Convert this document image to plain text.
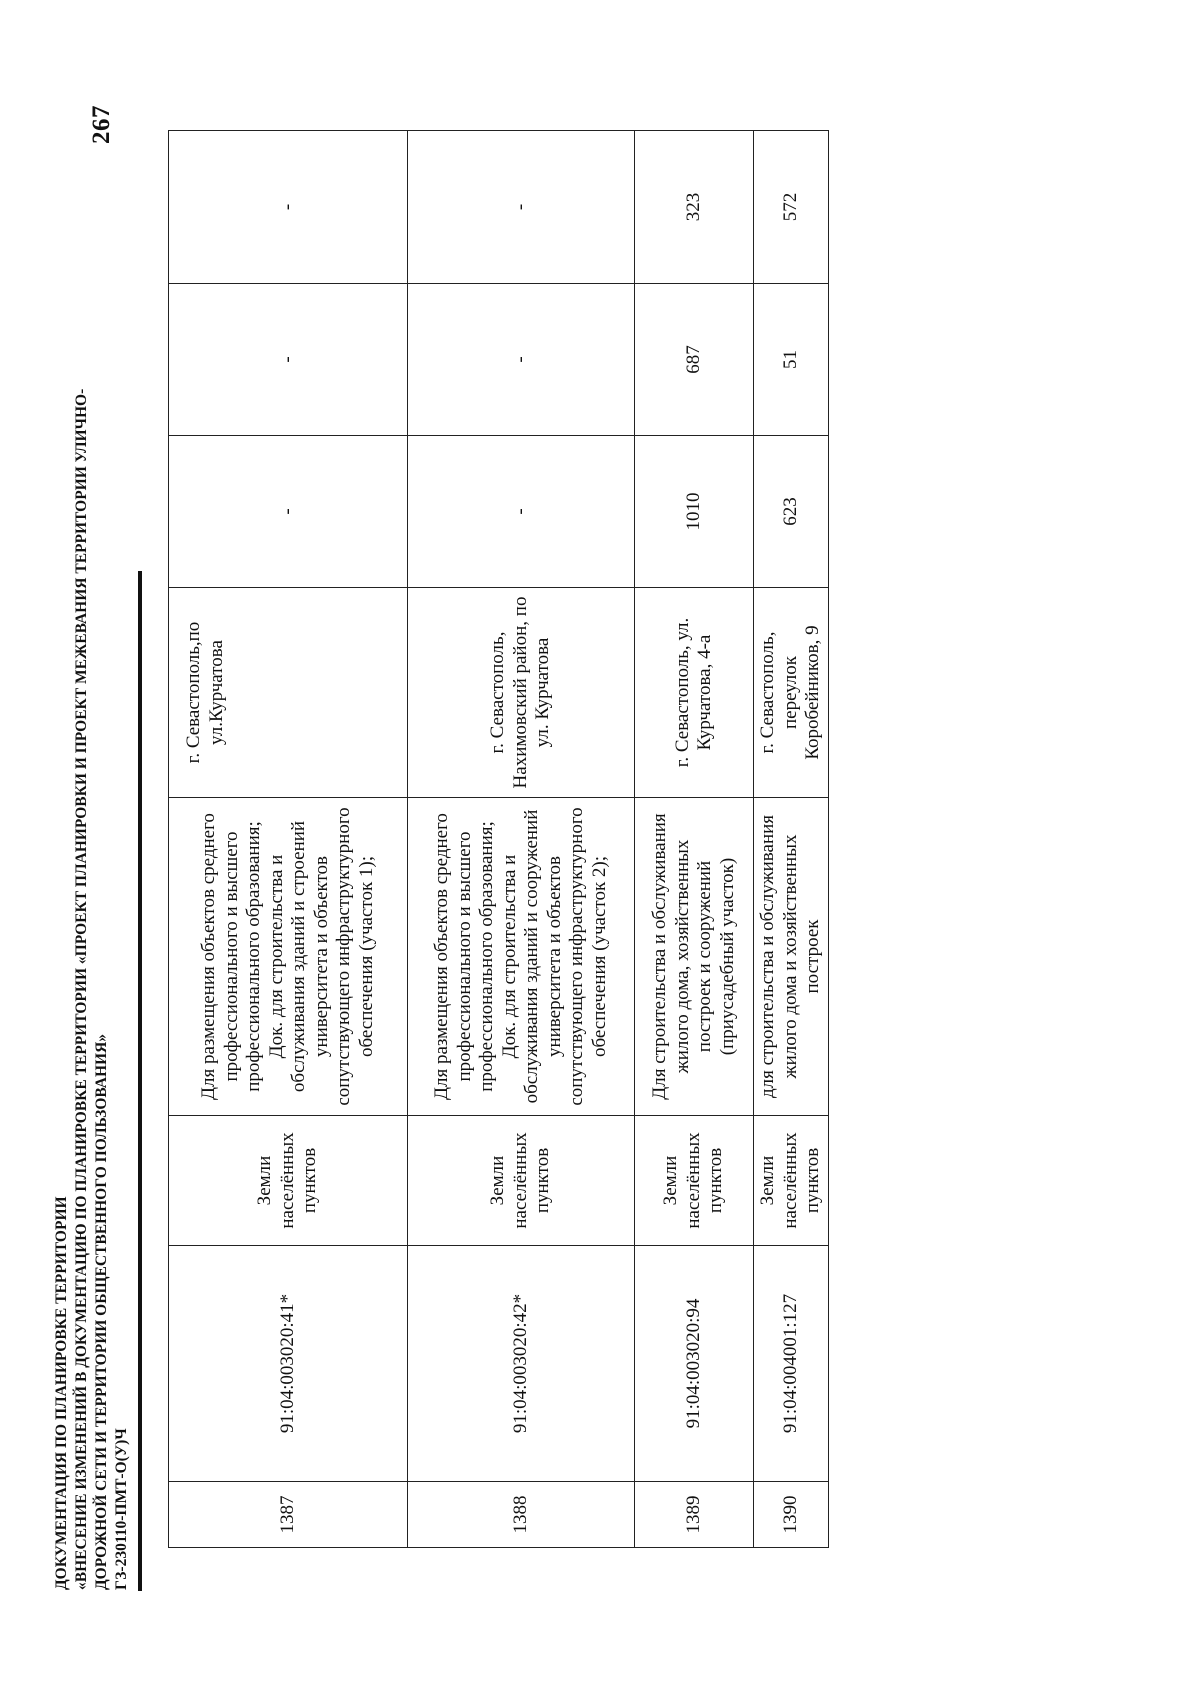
267
ДОКУМЕНТАЦИЯ ПО ПЛАНИРОВКЕ ТЕРРИТОРИИ «ВНЕСЕНИЕ ИЗМЕНЕНИЙ В ДОКУМЕНТАЦИЮ ПО ПЛАНИРОВКЕ ТЕРРИТОРИИ «ПРОЕКТ ПЛАНИРОВКИ И ПРОЕКТ МЕЖЕВАНИЯ ТЕРРИТОРИИ УЛИЧНО- ДОРОЖНОЙ СЕТИ И ТЕРРИТОРИИ ОБЩЕСТВЕННОГО ПОЛЬЗОВАНИЯ» ГЗ-230110-ПМТ-О(У)Ч	1387	91:04:003020:41*	Земли населённых пунктов	Для размещения объектов среднего профессионального и высшего профессионального образования; Док. для строительства и обслуживания зданий и строений университета и объектов сопутствующего инфраструктурного обеспечения (участок 1);	г. Севастополь,по ул.Курчатова	-	-	-
1388	91:04:003020:42*	Земли населённых пунктов	Для размещения объектов среднего профессионального и высшего профессионального образования; Док. для строительства и обслуживания зданий и сооружений университета и объектов сопутствующего инфраструктурного обеспечения (участок 2);	г. Севастополь, Нахимовский район, по ул. Курчатова	-	-	-
1389	91:04:003020:94	Земли населённых пунктов	Для строительства и обслуживания жилого дома, хозяйственных построек и сооружений (приусадебный участок)	г. Севастополь, ул. Курчатова, 4-а	1010	687	323
1390	91:04:004001:127	Земли населённых пунктов	для строительства и обслуживания жилого дома и хозяйственных построек	г. Севастополь, переулок Коробейников, 9	623	51	572
